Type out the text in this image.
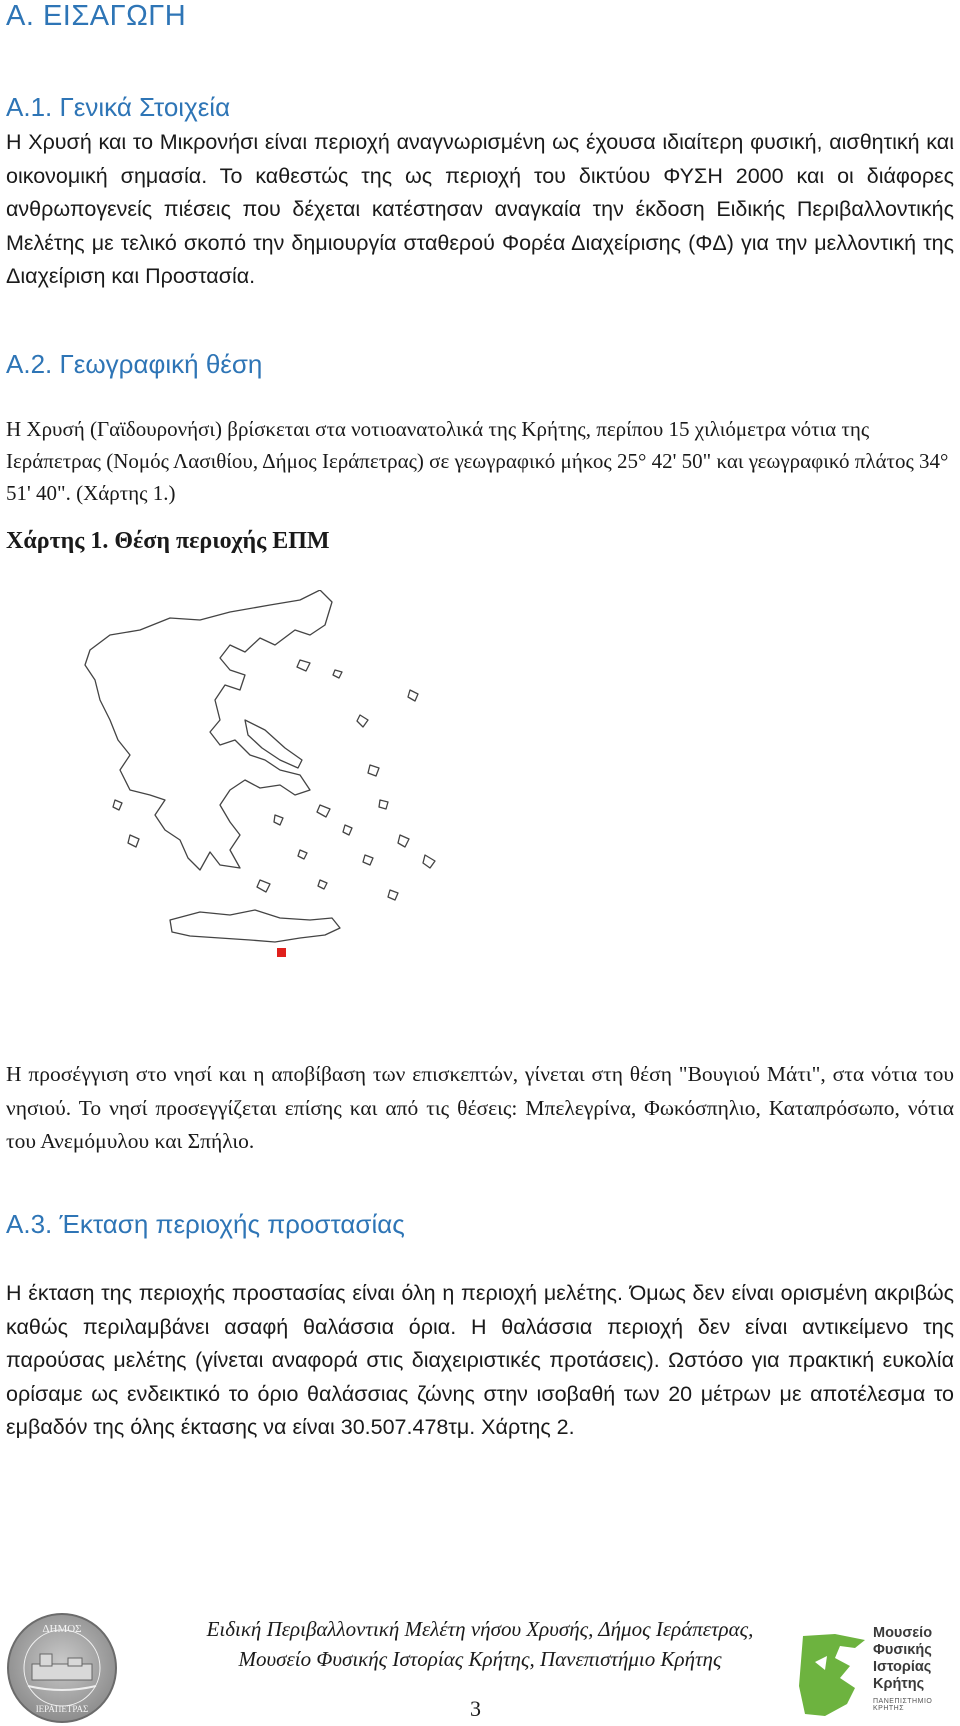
Α. ΕΙΣΑΓΩΓΗ
Α.1. Γενικά Στοιχεία

Η Χρυσή και το Μικρονήσι είναι περιοχή αναγνωρισμένη ως έχουσα ιδιαίτερη φυσική, αισθητική και οικονομική σημασία. Το καθεστώς της ως περιοχή του δικτύου ΦΥΣΗ 2000 και οι διάφορες ανθρωπογενείς πιέσεις που δέχεται κατέστησαν αναγκαία την έκδοση Ειδικής Περιβαλλοντικής Μελέτης με τελικό σκοπό την δημιουργία σταθερού Φορέα Διαχείρισης (ΦΔ) για την μελλοντική της Διαχείριση και Προστασία.

Α.2. Γεωγραφική θέση

Η Χρυσή (Γαϊδουρονήσι) βρίσκεται στα νοτιοανατολικά της Κρήτης, περίπου 15 χιλιόμετρα νότια της Ιεράπετρας (Νομός Λασιθίου, Δήμος Ιεράπετρας) σε γεωγραφικό μήκος 25° 42' 50" και γεωγραφικό πλάτος 34° 51' 40". (Χάρτης 1.)

Χάρτης 1. Θέση περιοχής ΕΠΜ

Η προσέγγιση στο νησί και η αποβίβαση των επισκεπτών, γίνεται στη θέση "Βουγιού Μάτι", στα νότια του νησιού. Το νησί προσεγγίζεται επίσης και από τις θέσεις: Μπελεγρίνα, Φωκόσπηλιο, Καταπρόσωπο, νότια του Ανεμόμυλου και Σπήλιο.

Α.3. Έκταση περιοχής προστασίας

Η έκταση της περιοχής προστασίας είναι όλη η περιοχή μελέτης. Όμως δεν είναι ορισμένη ακριβώς καθώς περιλαμβάνει ασαφή θαλάσσια όρια. Η θαλάσσια περιοχή δεν είναι αντικείμενο της παρούσας μελέτης (γίνεται αναφορά στις διαχειριστικές προτάσεις). Ωστόσο για πρακτική ευκολία ορίσαμε ως ενδεικτικό το όριο θαλάσσιας ζώνης στην ισοβαθή των 20 μέτρων με αποτέλεσμα το εμβαδόν της όλης έκτασης να είναι 30.507.478τμ. Χάρτης 2.

ΔΗΜΟΣ
ΙΕΡΑΠΕΤΡΑΣ
Ειδική Περιβαλλοντική Μελέτη νήσου Χρυσής, Δήμος Ιεράπετρας,
Μουσείο Φυσικής Ιστορίας Κρήτης, Πανεπιστήμιο Κρήτης
3
Μουσείο
Φυσικής
Ιστορίας
Κρήτης
ΠΑΝΕΠΙΣΤΗΜΙΟ ΚΡΗΤΗΣ
